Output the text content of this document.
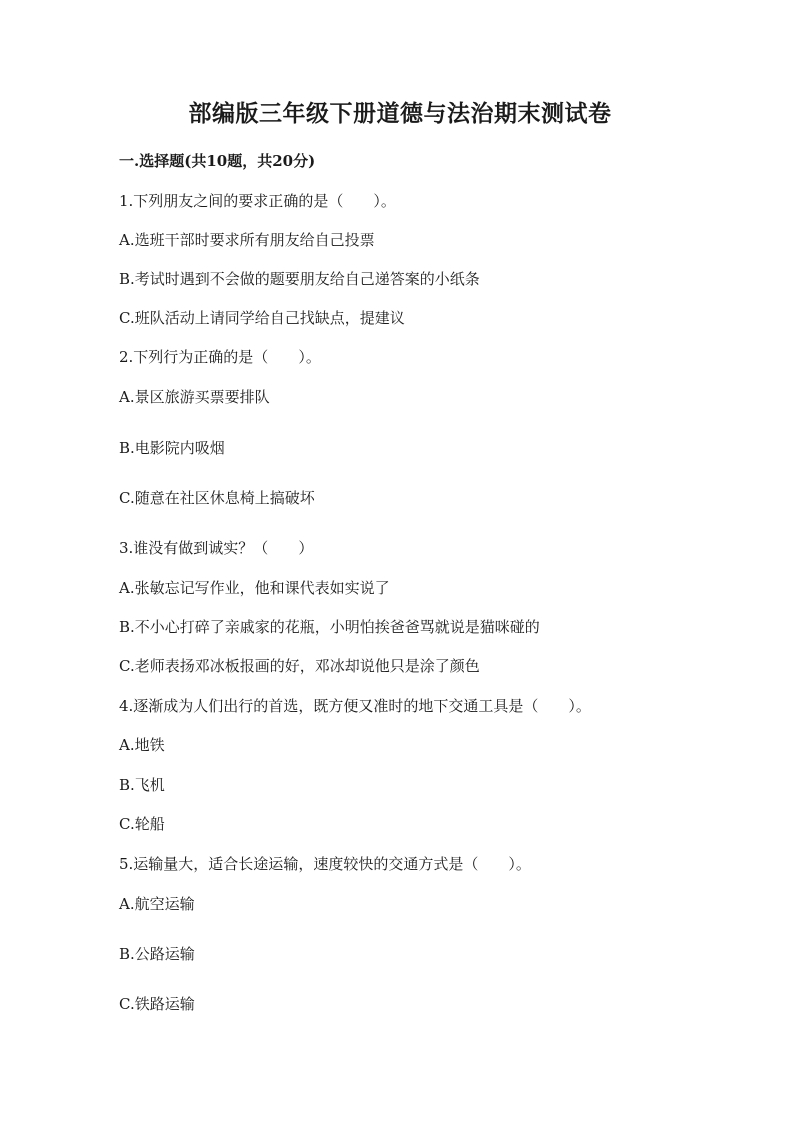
部编版三年级下册道德与法治期末测试卷
一.选择题(共10题，共20分)
1.下列朋友之间的要求正确的是（　　）。
A.选班干部时要求所有朋友给自己投票
B.考试时遇到不会做的题要朋友给自己递答案的小纸条
C.班队活动上请同学给自己找缺点，提建议
2.下列行为正确的是（　　）。
A.景区旅游买票要排队
B.电影院内吸烟
C.随意在社区休息椅上搞破坏
3.谁没有做到诚实？（　　）
A.张敏忘记写作业，他和课代表如实说了
B.不小心打碎了亲戚家的花瓶，小明怕挨爸爸骂就说是猫咪碰的
C.老师表扬邓冰板报画的好，邓冰却说他只是涂了颜色
4.逐渐成为人们出行的首选，既方便又准时的地下交通工具是（　　）。
A.地铁
B.飞机
C.轮船
5.运输量大，适合长途运输，速度较快的交通方式是（　　）。
A.航空运输
B.公路运输
C.铁路运输
